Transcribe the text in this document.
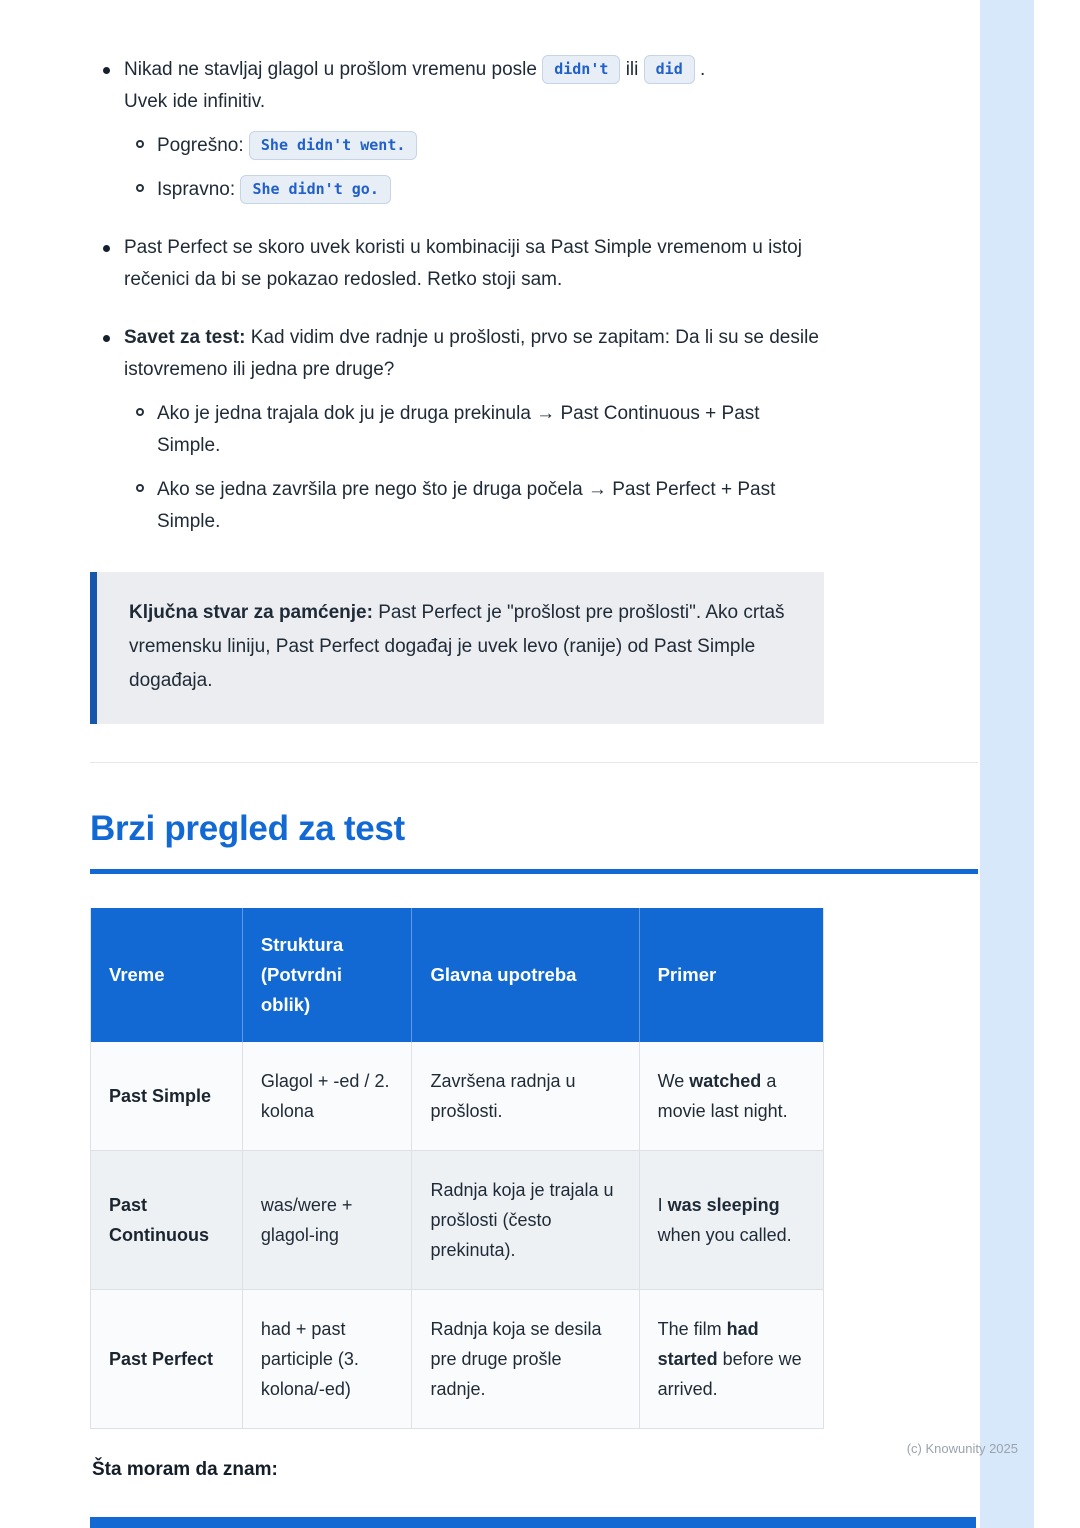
Nikad ne stavljaj glagol u prošlom vremenu posle didn't ili did .
Uvek ide infinitiv.
Pogrešno: She didn't went.
Ispravno: She didn't go.
Past Perfect se skoro uvek koristi u kombinaciji sa Past Simple vremenom u istoj rečenici da bi se pokazao redosled. Retko stoji sam.
Savet za test: Kad vidim dve radnje u prošlosti, prvo se zapitam: Da li su se desile istovremeno ili jedna pre druge?
Ako je jedna trajala dok ju je druga prekinula → Past Continuous + Past Simple.
Ako se jedna završila pre nego što je druga počela → Past Perfect + Past Simple.

Ključna stvar za pamćenje: Past Perfect je "prošlost pre prošlosti". Ako crtaš vremensku liniju, Past Perfect događaj je uvek levo (ranije) od Past Simple događaja.

Brzi pregled za test
Vreme	Struktura (Potvrdni oblik)	Glavna upotreba	Primer
Past Simple	Glagol + -ed / 2. kolona	Završena radnja u prošlosti.	We watched a movie last night.
Past Continuous	was/were + glagol-ing	Radnja koja je trajala u prošlosti (često prekinuta).	I was sleeping when you called.
Past Perfect	had + past participle (3. kolona/-ed)	Radnja koja se desila pre druge prošle radnje.	The film had started before we arrived.

Šta moram da znam:

(c) Knowunity 2025
